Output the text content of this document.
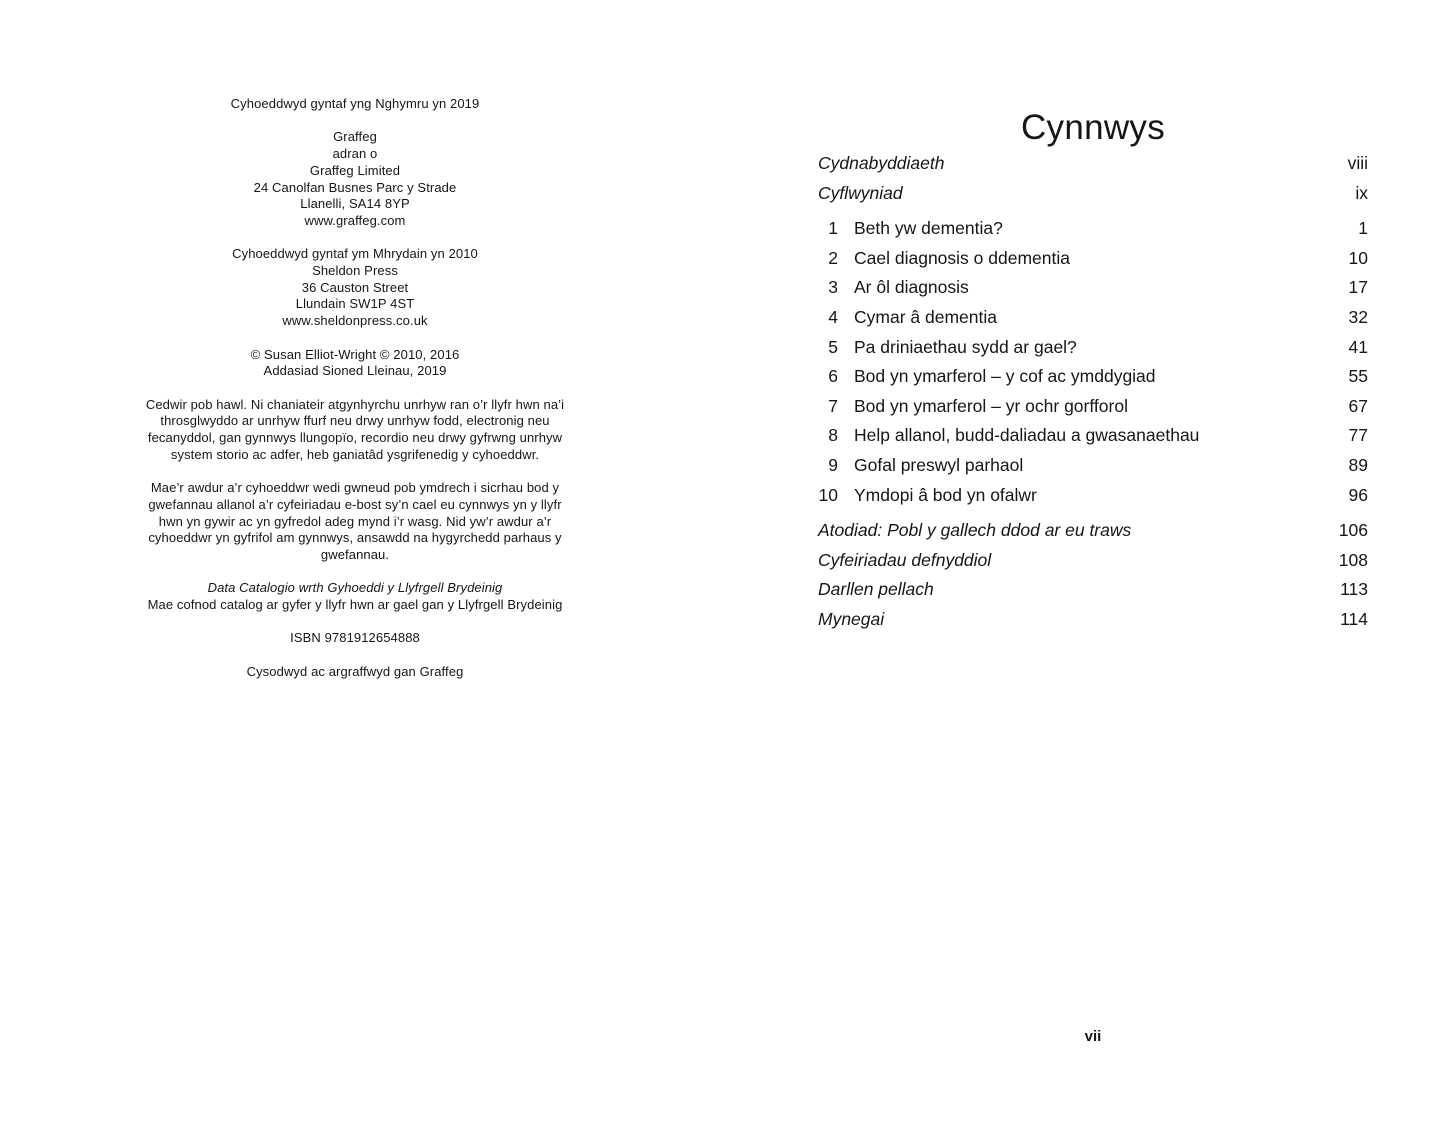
Cyhoeddwyd gyntaf yng Nghymru yn 2019
Graffeg
adran o
Graffeg Limited
24 Canolfan Busnes Parc y Strade
Llanelli, SA14 8YP
www.graffeg.com
Cyhoeddwyd gyntaf ym Mhrydain yn 2010
Sheldon Press
36 Causton Street
Llundain SW1P 4ST
www.sheldonpress.co.uk
© Susan Elliot-Wright © 2010, 2016
Addasiad Sioned Lleinau, 2019
Cedwir pob hawl. Ni chaniateir atgynhyrchu unrhyw ran o’r llyfr hwn na’i throsglwyddo ar unrhyw ffurf neu drwy unrhyw fodd, electronig neu fecanyddol, gan gynnwys llungopïo, recordio neu drwy gyfrwng unrhyw system storio ac adfer, heb ganiatâd ysgrifenedig y cyhoeddwr.
Mae’r awdur a’r cyhoeddwr wedi gwneud pob ymdrech i sicrhau bod y gwefannau allanol a’r cyfeiriadau e-bost sy’n cael eu cynnwys yn y llyfr hwn yn gywir ac yn gyfredol adeg mynd i’r wasg. Nid yw’r awdur a’r cyhoeddwr yn gyfrifol am gynnwys, ansawdd na hygyrchedd parhaus y gwefannau.
Data Catalogio wrth Gyhoeddi y Llyfrgell Brydeinig
Mae cofnod catalog ar gyfer y llyfr hwn ar gael gan y Llyfrgell Brydeinig
ISBN 9781912654888
Cysodwyd ac argraffwyd gan Graffeg
Cynnwys
Cydnabyddiaeth	viii
Cyflwyniad	ix
1 Beth yw dementia?	1
2 Cael diagnosis o ddementia	10
3 Ar ôl diagnosis	17
4 Cymar â dementia	32
5 Pa driniaethau sydd ar gael?	41
6 Bod yn ymarferol – y cof ac ymddygiad	55
7 Bod yn ymarferol – yr ochr gorfforol	67
8 Help allanol, budd-daliadau a gwasanaethau	77
9 Gofal preswyl parhaol	89
10 Ymdopi â bod yn ofalwr	96
Atodiad: Pobl y gallech ddod ar eu traws	106
Cyfeiriadau defnyddiol	108
Darllen pellach	113
Mynegai	114
vii
